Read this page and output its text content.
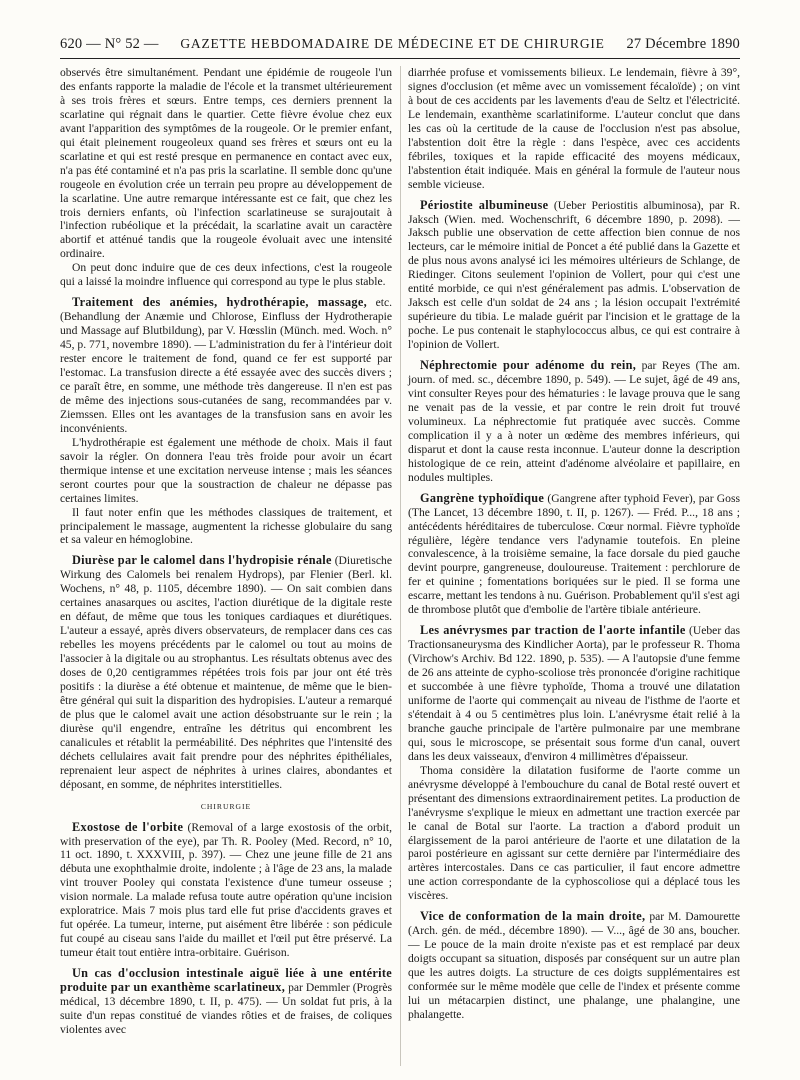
620 — N° 52 — GAZETTE HEBDOMADAIRE DE MÉDECINE ET DE CHIRURGIE 27 Décembre 1890

observés être simultanément. Pendant une épidémie de rougeole l'un des enfants rapporte la maladie de l'école et la transmet ultérieurement à ses trois frères et sœurs. Entre temps, ces derniers prennent la scarlatine qui régnait dans le quartier. Cette fièvre évolue chez eux avant l'apparition des symptômes de la rougeole. Or le premier enfant, qui était pleinement rougeoleux quand ses frères et sœurs ont eu la scarlatine et qui est resté presque en permanence en contact avec eux, n'a pas été contaminé et n'a pas pris la scarlatine. Il semble donc qu'une rougeole en évolution crée un terrain peu propre au développement de la scarlatine. Une autre remarque intéressante est ce fait, que chez les trois derniers enfants, où l'infection scarlatineuse se surajoutait à l'infection rubéolique et la précédait, la scarlatine avait un caractère abortif et atténué tandis que la rougeole évoluait avec une intensité ordinaire.

On peut donc induire que de ces deux infections, c'est la rougeole qui a laissé la moindre influence qui correspond au type le plus stable.

Traitement des anémies, hydrothérapie, massage, etc. (Behandlung der Anæmie und Chlorose, Einfluss der Hydrotherapie und Massage auf Blutbildung), par V. Hœsslin (Münch. med. Woch. n° 45, p. 771, novembre 1890). — L'administration du fer à l'intérieur doit rester encore le traitement de fond, quand ce fer est supporté par l'estomac. La transfusion directe a été essayée avec des succès divers ; ce paraît être, en somme, une méthode très dangereuse. Il n'en est pas de même des injections sous-cutanées de sang, recommandées par v. Ziemssen. Elles ont les avantages de la transfusion sans en avoir les inconvénients.

L'hydrothérapie est également une méthode de choix. Mais il faut savoir la régler. On donnera l'eau très froide pour avoir un écart thermique intense et une excitation nerveuse intense ; mais les séances seront courtes pour que la soustraction de chaleur ne dépasse pas certaines limites.

Il faut noter enfin que les méthodes classiques de traitement, et principalement le massage, augmentent la richesse globulaire du sang et sa valeur en hémoglobine.

Diurèse par le calomel dans l'hydropisie rénale (Diuretische Wirkung des Calomels bei renalem Hydrops), par Flenier (Berl. kl. Wochens, n° 48, p. 1105, décembre 1890). — On sait combien dans certaines anasarques ou ascites, l'action diurétique de la digitale reste en défaut, de même que tous les toniques cardiaques et diurétiques. L'auteur a essayé, après divers observateurs, de remplacer dans ces cas rebelles les moyens précédents par le calomel ou tout au moins de l'associer à la digitale ou au strophantus. Les résultats obtenus avec des doses de 0,20 centigrammes répétées trois fois par jour ont été très positifs : la diurèse a été obtenue et maintenue, de même que le bien-être général qui suit la disparition des hydropisies. L'auteur a remarqué de plus que le calomel avait une action désobstruante sur le rein ; la diurèse qu'il engendre, entraîne les détritus qui encombrent les canalicules et rétablit la perméabilité. Des néphrites que l'intensité des déchets cellulaires avait fait prendre pour des néphrites épithéliales, reprenaient leur aspect de néphrites à urines claires, abondantes et déposant, en somme, de néphrites interstitielles.

CHIRURGIE

Exostose de l'orbite (Removal of a large exostosis of the orbit, with preservation of the eye), par Th. R. Pooley (Med. Record, n° 10, 11 oct. 1890, t. XXXVIII, p. 397). — Chez une jeune fille de 21 ans débuta une exophthalmie droite, indolente ; à l'âge de 23 ans, la malade vint trouver Pooley qui constata l'existence d'une tumeur osseuse ; vision normale. La malade refusa toute autre opération qu'une incision exploratrice. Mais 7 mois plus tard elle fut prise d'accidents graves et fut opérée. La tumeur, interne, put aisément être libérée : son pédicule fut coupé au ciseau sans l'aide du maillet et l'œil put être préservé. La tumeur était tout entière intra-orbitaire. Guérison.

Un cas d'occlusion intestinale aiguë liée à une entérite produite par un exanthème scarlatineux, par Demmler (Progrès médical, 13 décembre 1890, t. II, p. 475). — Un soldat fut pris, à la suite d'un repas constitué de viandes rôties et de fraises, de coliques violentes avec

diarrhée profuse et vomissements bilieux. Le lendemain, fièvre à 39°, signes d'occlusion (et même avec un vomissement fécaloïde) ; on vint à bout de ces accidents par les lavements d'eau de Seltz et l'électricité. Le lendemain, exanthème scarlatiniforme. L'auteur conclut que dans les cas où la certitude de la cause de l'occlusion n'est pas absolue, l'abstention doit être la règle : dans l'espèce, avec ces accidents fébriles, toxiques et la rapide efficacité des moyens médicaux, l'abstention était indiquée. Mais en général la formule de l'auteur nous semble vicieuse.

Périostite albumineuse (Ueber Periostitis albuminosa), par R. Jaksch (Wien. med. Wochenschrift, 6 décembre 1890, p. 2098). — Jaksch publie une observation de cette affection bien connue de nos lecteurs, car le mémoire initial de Poncet a été publié dans la Gazette et de plus nous avons analysé ici les mémoires ultérieurs de Schlange, de Riedinger. Citons seulement l'opinion de Vollert, pour qui c'est une entité morbide, ce qui n'est généralement pas admis. L'observation de Jaksch est celle d'un soldat de 24 ans ; la lésion occupait l'extrémité supérieure du tibia. Le malade guérit par l'incision et le grattage de la poche. Le pus contenait le staphylococcus albus, ce qui est contraire à l'opinion de Vollert.

Néphrectomie pour adénome du rein, par Reyes (The am. journ. of med. sc., décembre 1890, p. 549). — Le sujet, âgé de 49 ans, vint consulter Reyes pour des hématuries : le lavage prouva que le sang ne venait pas de la vessie, et par contre le rein droit fut trouvé volumineux. La néphrectomie fut pratiquée avec succès. Comme complication il y a à noter un œdème des membres inférieurs, qui disparut et dont la cause resta inconnue. L'auteur donne la description histologique de ce rein, atteint d'adénome alvéolaire et papillaire, en nodules multiples.

Gangrène typhoïdique (Gangrene after typhoid Fever), par Goss (The Lancet, 13 décembre 1890, t. II, p. 1267). — Fréd. P..., 18 ans ; antécédents héréditaires de tuberculose. Cœur normal. Fièvre typhoïde régulière, légère tendance vers l'adynamie toutefois. En pleine convalescence, à la troisième semaine, la face dorsale du pied gauche devint pourpre, gangreneuse, douloureuse. Traitement : perchlorure de fer et quinine ; fomentations boriquées sur le pied. Il se forma une escarre, mettant les tendons à nu. Guérison. Probablement qu'il s'est agi de thrombose plutôt que d'embolie de l'artère tibiale antérieure.

Les anévrysmes par traction de l'aorte infantile (Ueber das Tractionsaneurysma des Kindlicher Aorta), par le professeur R. Thoma (Virchow's Archiv. Bd 122. 1890, p. 535). — A l'autopsie d'une femme de 26 ans atteinte de cypho-scoliose très prononcée d'origine rachitique et succombée à une fièvre typhoïde, Thoma a trouvé une dilatation uniforme de l'aorte qui commençait au niveau de l'isthme de l'aorte et s'étendait à 4 ou 5 centimètres plus loin. L'anévrysme était relié à la branche gauche principale de l'artère pulmonaire par une membrane qui, sous le microscope, se présentait sous forme d'un canal, ouvert dans les deux vaisseaux, d'environ 4 millimètres d'épaisseur.

Thoma considère la dilatation fusiforme de l'aorte comme un anévrysme développé à l'embouchure du canal de Botal resté ouvert et présentant des dimensions extraordinairement petites. La production de l'anévrysme s'explique le mieux en admettant une traction exercée par le canal de Botal sur l'aorte. La traction a d'abord produit un élargissement de la paroi antérieure de l'aorte et une dilatation de la paroi postérieure en agissant sur cette dernière par l'intermédiaire des artères intercostales. Dans ce cas particulier, il faut encore admettre une action correspondante de la cyphoscoliose qui a déplacé tous les viscères.

Vice de conformation de la main droite, par M. Damourette (Arch. gén. de méd., décembre 1890). — V..., âgé de 30 ans, boucher. — Le pouce de la main droite n'existe pas et est remplacé par deux doigts occupant sa situation, disposés par conséquent sur un autre plan que les autres doigts. La structure de ces doigts supplémentaires est conformée sur le même modèle que celle de l'index et présente comme lui un métacarpien distinct, une phalange, une phalangine, une phalangette.
